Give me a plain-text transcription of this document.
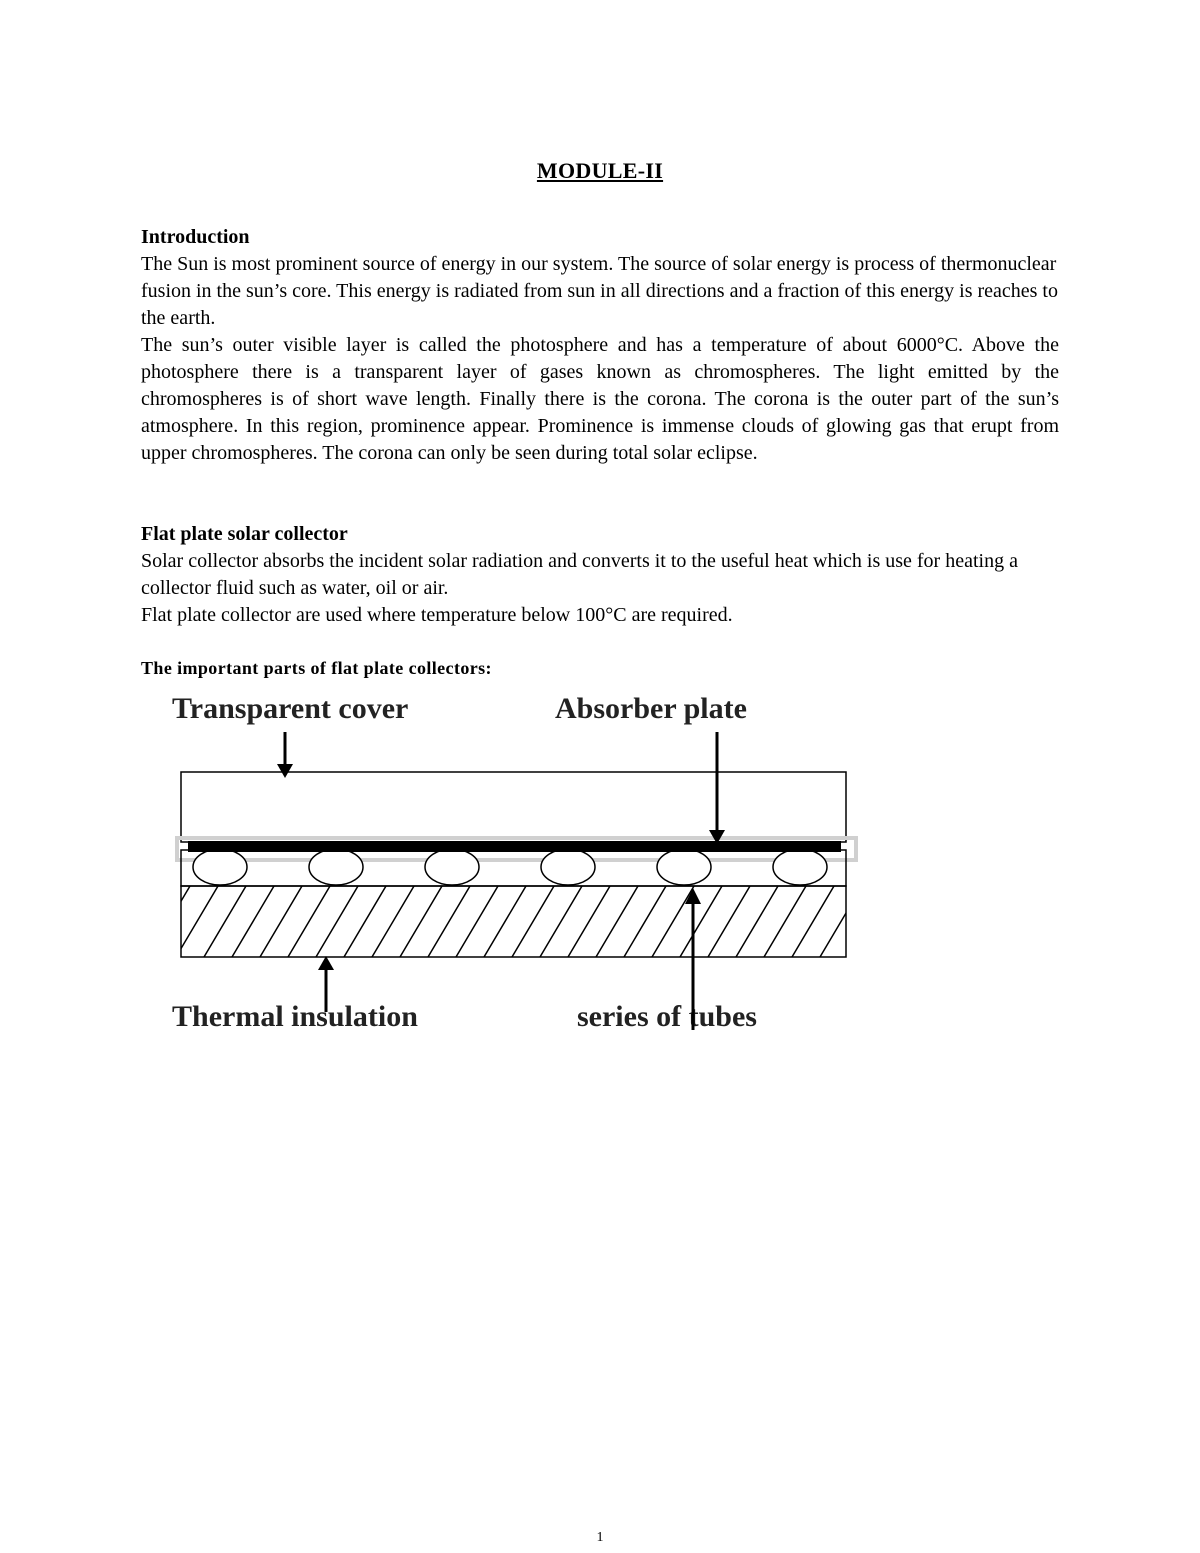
MODULE-II
Introduction

The Sun is most prominent source of energy in our system. The source of solar energy is process of thermonuclear fusion in the sun’s core. This energy is radiated from sun in all directions and a fraction of this energy is reaches to the earth.

The sun’s outer visible layer is called the photosphere and has a temperature of about 6000°C. Above the photosphere there is a transparent layer of gases known as chromospheres. The light emitted by the chromospheres is of short wave length. Finally there is the corona. The corona is the outer part of the sun’s atmosphere. In this region, prominence appear. Prominence is immense clouds of glowing gas that erupt from upper chromospheres. The corona can only be seen during total solar eclipse.

Flat plate solar collector

Solar collector absorbs the incident solar radiation and converts it to the useful heat which is use for heating a collector fluid such as water, oil or air.

Flat plate collector are used where temperature below 100°C are required.

The important parts of flat plate collectors:
Transparent cover	Absorber plate
Thermal insulation	series of tubes
1
